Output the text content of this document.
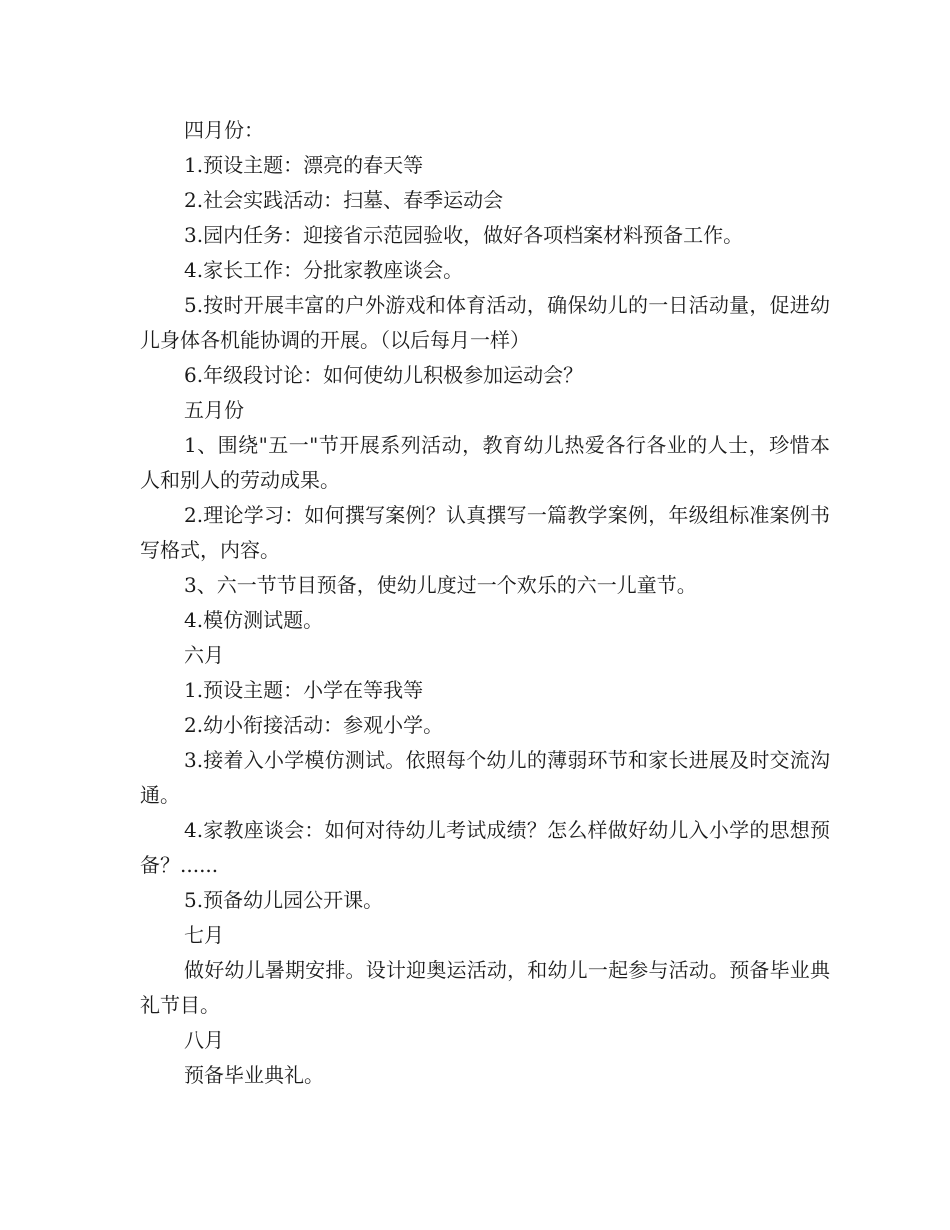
四月份：

1.预设主题：漂亮的春天等

2.社会实践活动：扫墓、春季运动会

3.园内任务：迎接省示范园验收，做好各项档案材料预备工作。

4.家长工作：分批家教座谈会。

5.按时开展丰富的户外游戏和体育活动，确保幼儿的一日活动量，促进幼儿身体各机能协调的开展。（以后每月一样）

6.年级段讨论：如何使幼儿积极参加运动会？

五月份

1、围绕"五一"节开展系列活动，教育幼儿热爱各行各业的人士，珍惜本人和别人的劳动成果。

2.理论学习：如何撰写案例？认真撰写一篇教学案例，年级组标准案例书写格式，内容。

3、六一节节目预备，使幼儿度过一个欢乐的六一儿童节。

4.模仿测试题。

六月

1.预设主题：小学在等我等

2.幼小衔接活动：参观小学。

3.接着入小学模仿测试。依照每个幼儿的薄弱环节和家长进展及时交流沟通。

4.家教座谈会：如何对待幼儿考试成绩？怎么样做好幼儿入小学的思想预备？......

5.预备幼儿园公开课。

七月

做好幼儿暑期安排。设计迎奥运活动，和幼儿一起参与活动。预备毕业典礼节目。

八月

预备毕业典礼。
